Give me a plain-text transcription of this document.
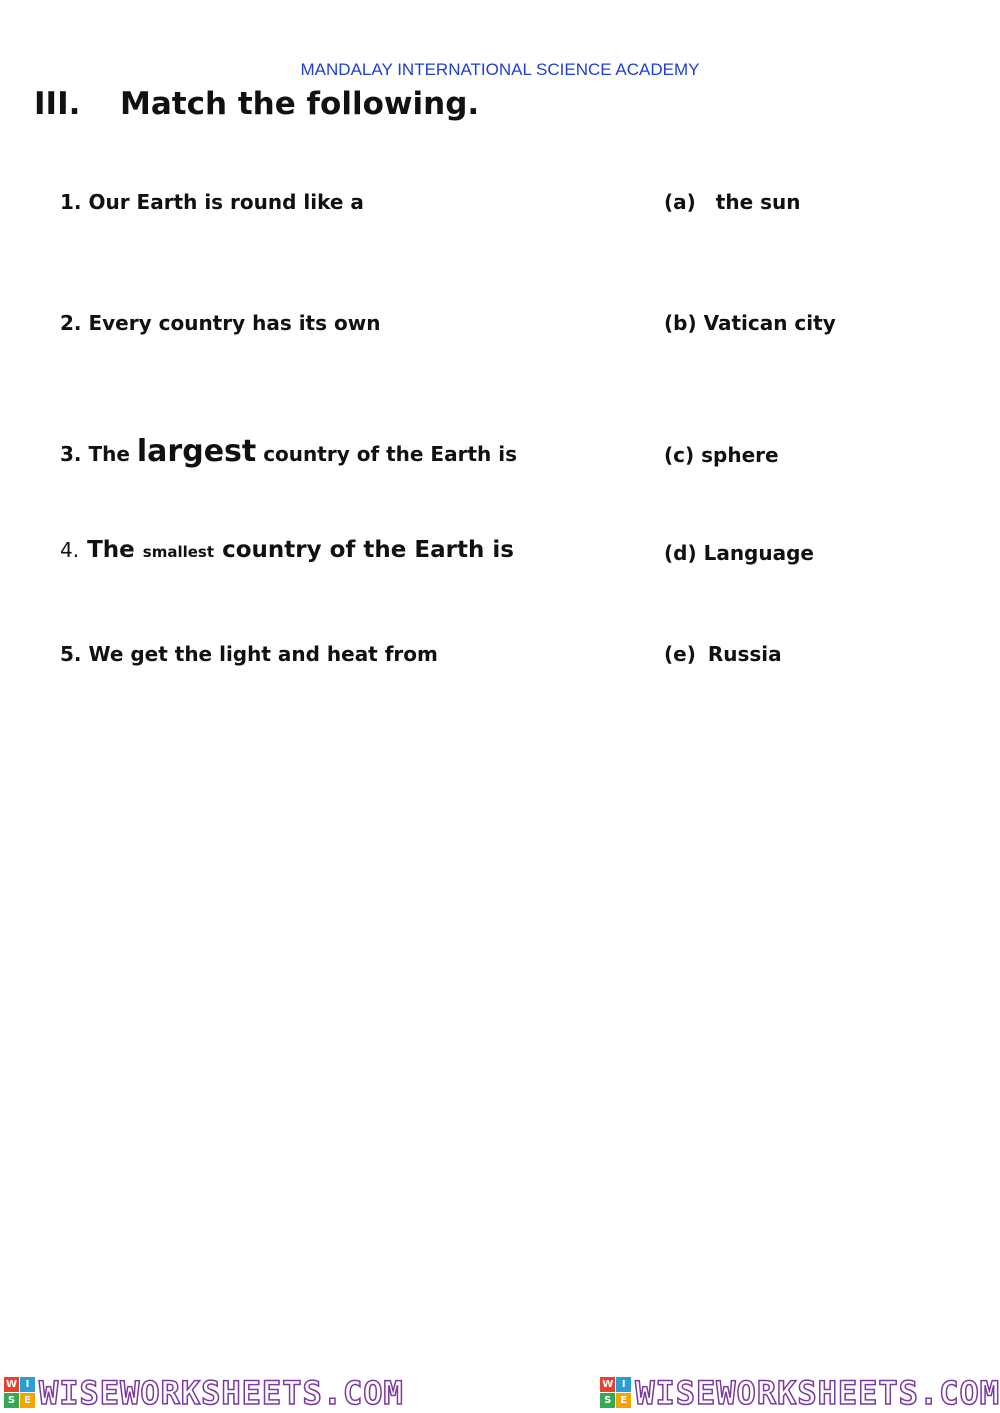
MANDALAY INTERNATIONAL SCIENCE ACADEMY
III. Match the following.
1. Our Earth is round like a
2. Every country has its own
3. The largest country of the Earth is
4. The smallest country of the Earth is
5. We get the light and heat from
(a) the sun
(b) Vatican city
(c) sphere
(d) Language
(e) Russia
W I
S E WISEWORKSHEETS.COM	W I
S E WISEWORKSHEETS.COM
